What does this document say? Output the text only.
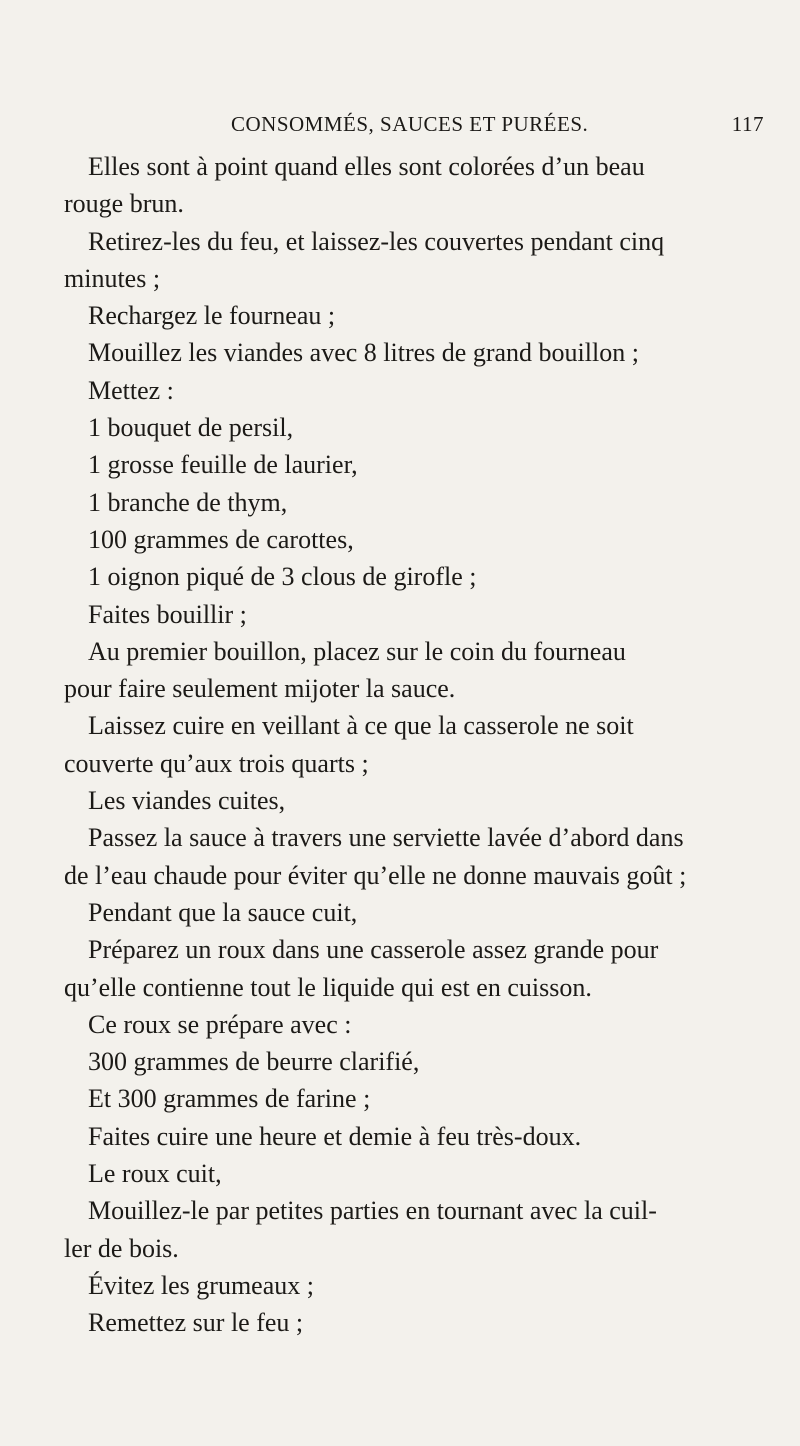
CONSOMMÉS, SAUCES ET PURÉES.	117
Elles sont à point quand elles sont colorées d’un beau
rouge brun.
Retirez-les du feu, et laissez-les couvertes pendant cinq
minutes ;
Rechargez le fourneau ;
Mouillez les viandes avec 8 litres de grand bouillon ;
Mettez :
1 bouquet de persil,
1 grosse feuille de laurier,
1 branche de thym,
100 grammes de carottes,
1 oignon piqué de 3 clous de girofle ;
Faites bouillir ;
Au premier bouillon, placez sur le coin du fourneau
pour faire seulement mijoter la sauce.
Laissez cuire en veillant à ce que la casserole ne soit
couverte qu’aux trois quarts ;
Les viandes cuites,
Passez la sauce à travers une serviette lavée d’abord dans
de l’eau chaude pour éviter qu’elle ne donne mauvais goût ;
Pendant que la sauce cuit,
Préparez un roux dans une casserole assez grande pour
qu’elle contienne tout le liquide qui est en cuisson.
Ce roux se prépare avec :
300 grammes de beurre clarifié,
Et 300 grammes de farine ;
Faites cuire une heure et demie à feu très-doux.
Le roux cuit,
Mouillez-le par petites parties en tournant avec la cuil-
ler de bois.
Évitez les grumeaux ;
Remettez sur le feu ;
